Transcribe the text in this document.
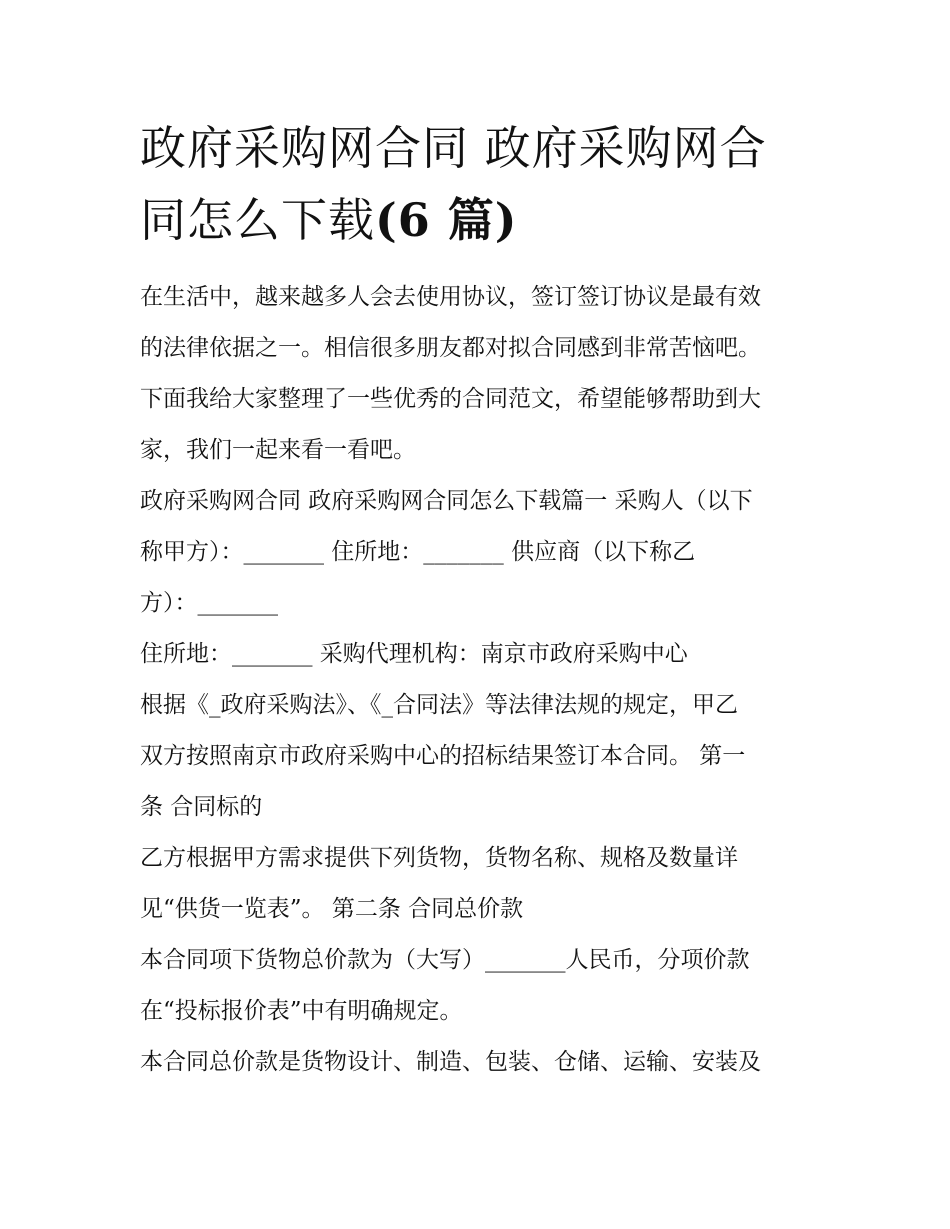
政府采购网合同 政府采购网合
同怎么下载(6 篇)
在生活中，越来越多人会去使用协议，签订签订协议是最有效
的法律依据之一。相信很多朋友都对拟合同感到非常苦恼吧。
下面我给大家整理了一些优秀的合同范文，希望能够帮助到大
家，我们一起来看一看吧。
政府采购网合同 政府采购网合同怎么下载篇一 采购人（以下
称甲方）：_______ 住所地：_______ 供应商（以下称乙
方）：_______
住所地：_______ 采购代理机构：南京市政府采购中心
根据《_政府采购法》、《_合同法》等法律法规的规定，甲乙
双方按照南京市政府采购中心的招标结果签订本合同。 第一
条 合同标的
乙方根据甲方需求提供下列货物，货物名称、规格及数量详
见“供货一览表”。 第二条 合同总价款
本合同项下货物总价款为（大写）_______人民币，分项价款
在“投标报价表”中有明确规定。
本合同总价款是货物设计、制造、包装、仓储、运输、安装及
